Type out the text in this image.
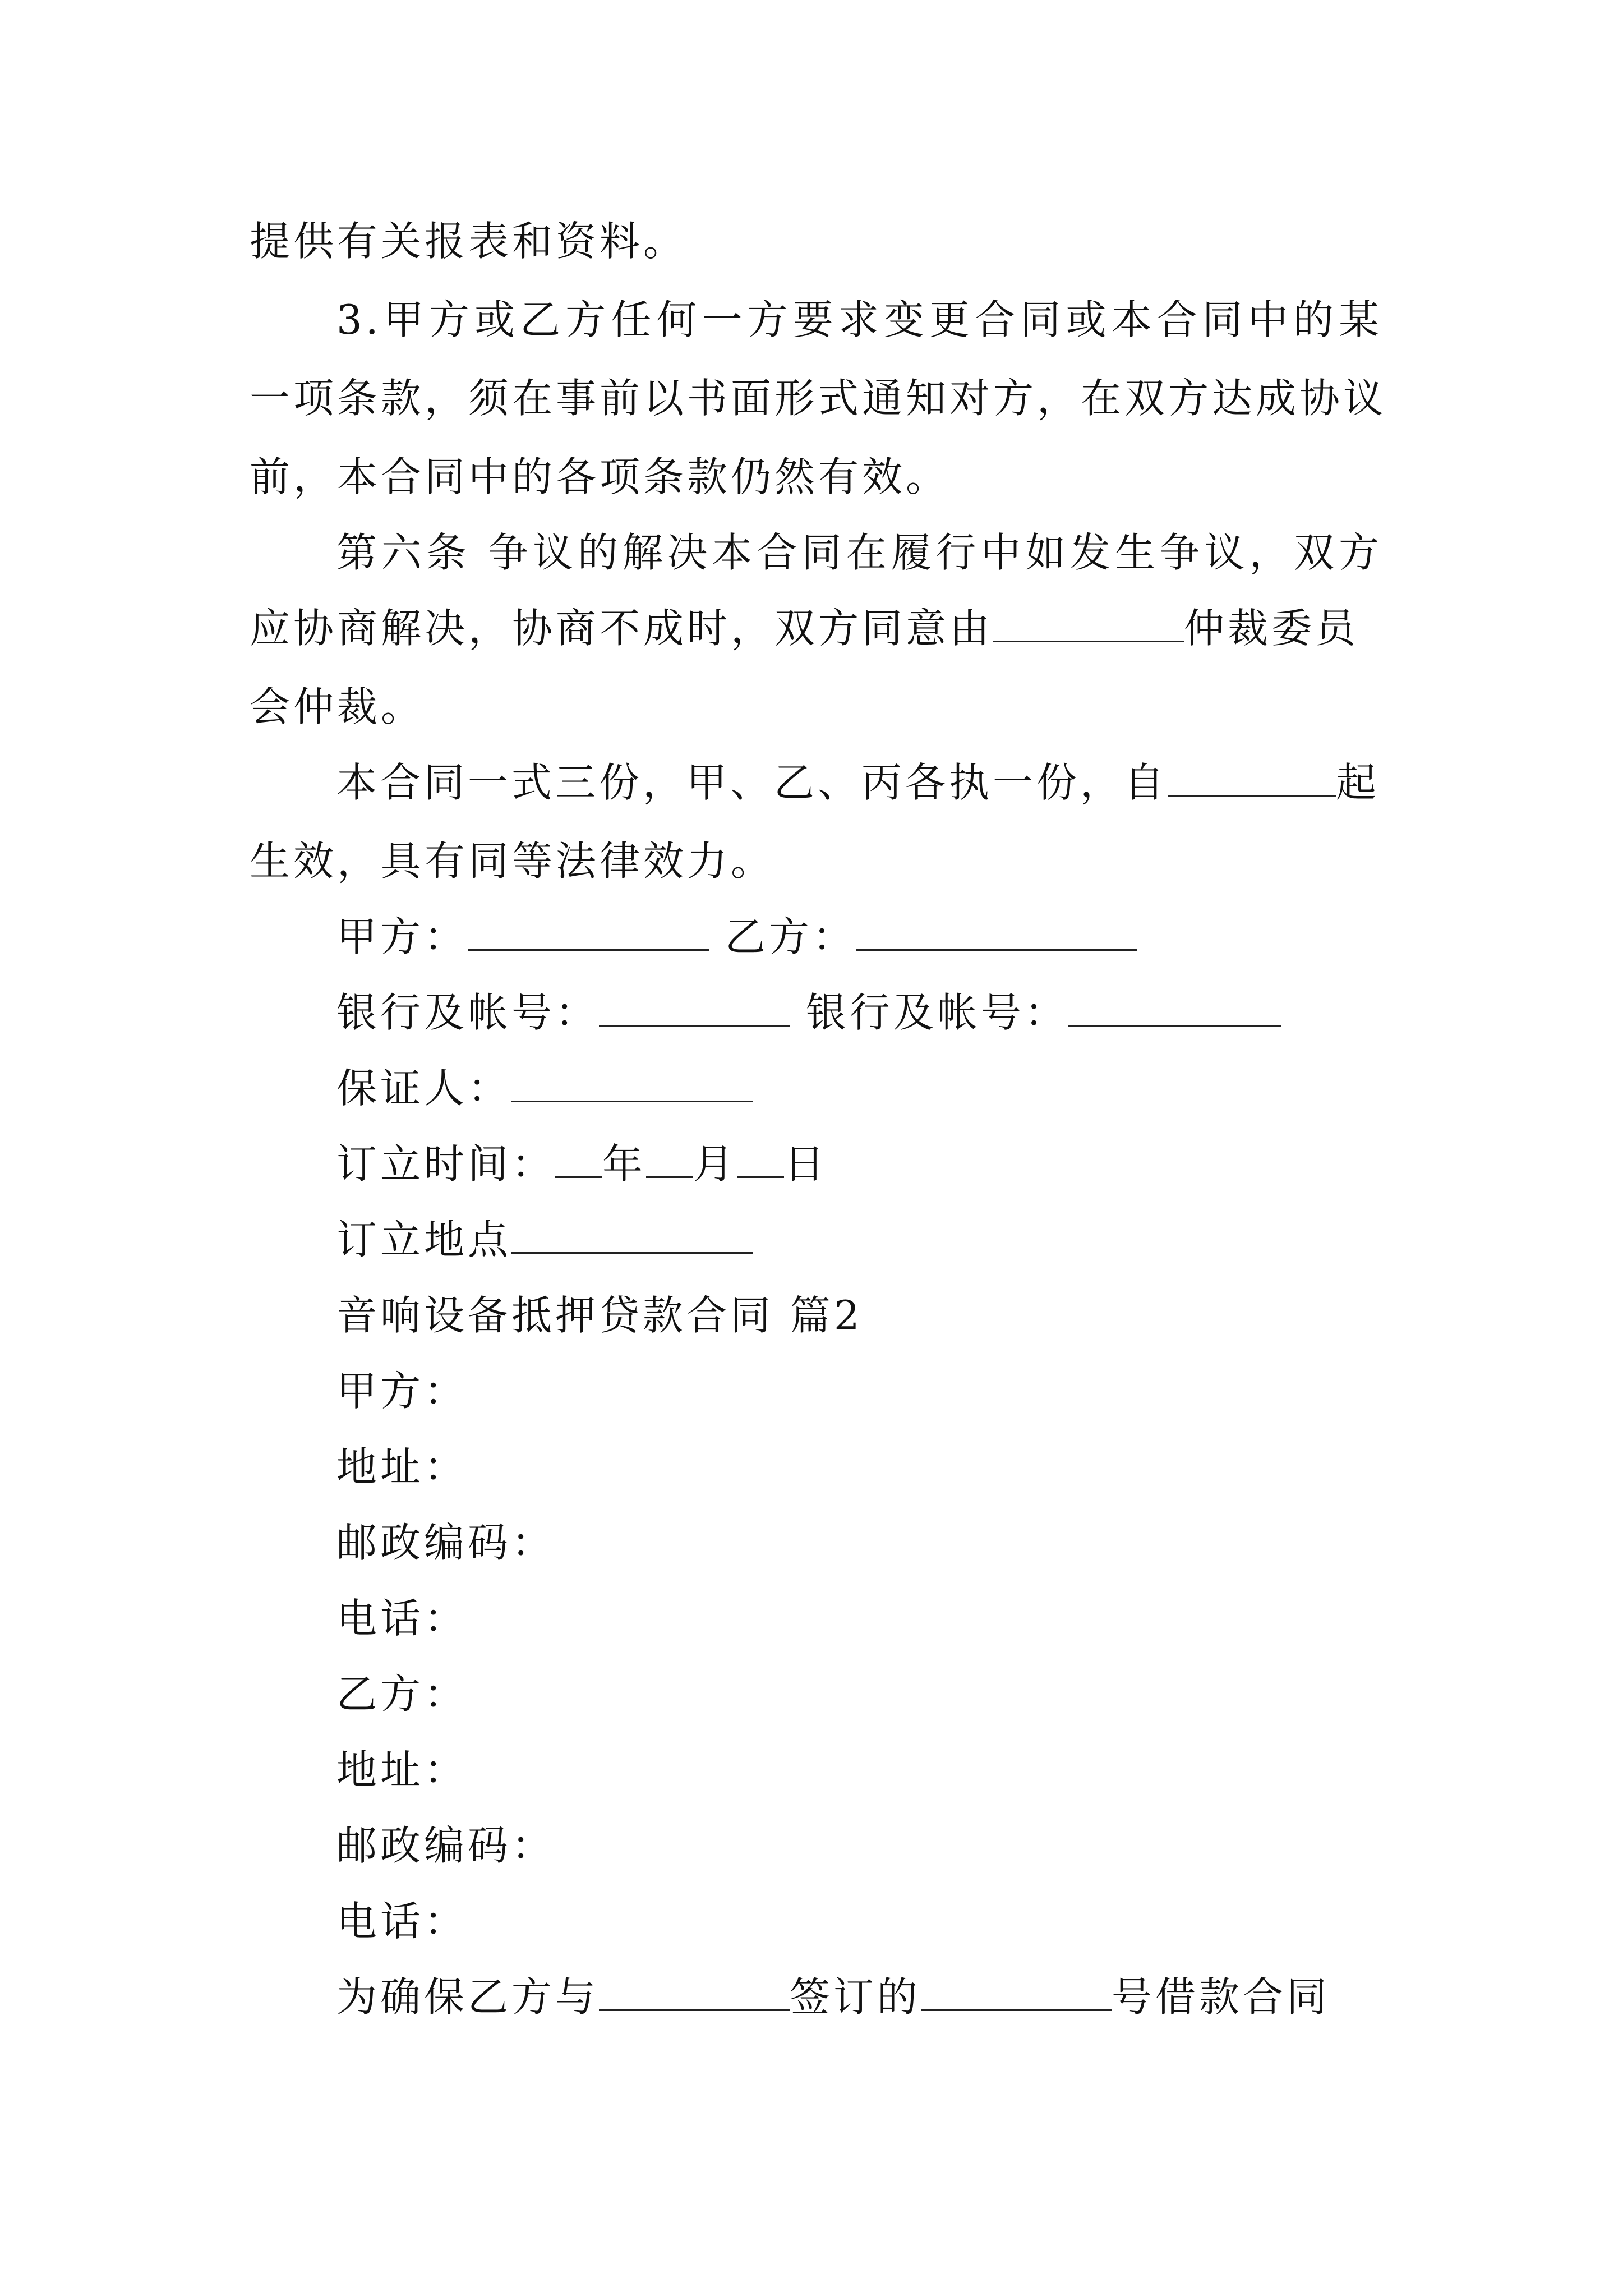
提供有关报表和资料。
3.甲方或乙方任何一方要求变更合同或本合同中的某
一项条款，须在事前以书面形式通知对方，在双方达成协议
前，本合同中的各项条款仍然有效。
第六条 争议的解决本合同在履行中如发生争议，双方
应协商解决，协商不成时，双方同意由	仲裁委员
会仲裁。
本合同一式三份，甲、乙、丙各执一份，自	起
生效，具有同等法律效力。
甲方：	乙方：
银行及帐号：	银行及帐号：
保证人：
订立时间： 年 月 日
订立地点
音响设备抵押贷款合同 篇2
甲方：
地址：
邮政编码：
电话：
乙方：
地址：
邮政编码：
电话：
为确保乙方与	签订的	号借款合同
